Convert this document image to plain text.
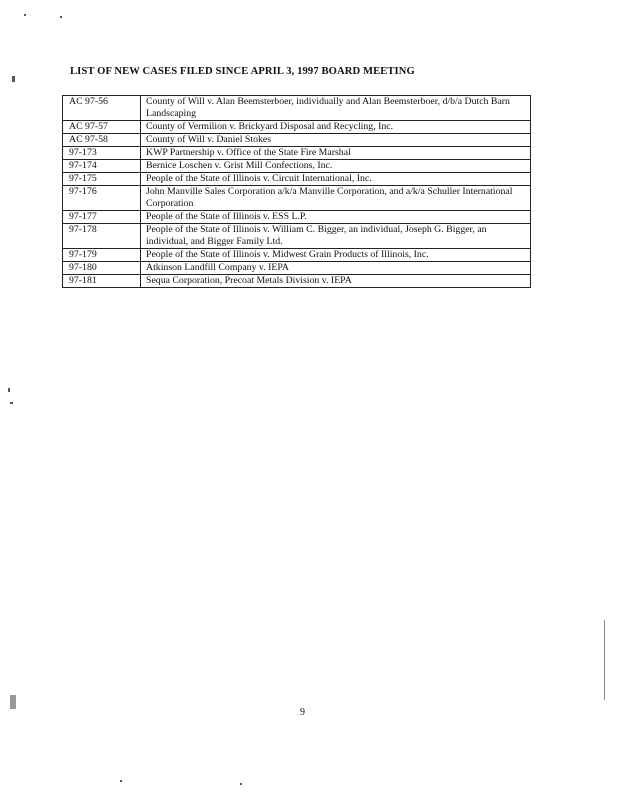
LIST OF NEW CASES FILED SINCE APRIL 3, 1997 BOARD MEETING
AC 97-56	County of Will v. Alan Beemsterboer, individually and Alan Beemsterboer, d/b/a Dutch Barn Landscaping
AC 97-57	County of Vermilion v. Brickyard Disposal and Recycling, Inc.
AC 97-58	County of Will v. Daniel Stokes
97-173	KWP Partnership v. Office of the State Fire Marshal
97-174	Bernice Loschen v. Grist Mill Confections, Inc.
97-175	People of the State of Illinois v. Circuit International, Inc.
97-176	John Manville Sales Corporation a/k/a Manville Corporation, and a/k/a Schuller International Corporation
97-177	People of the State of Illinois v. ESS L.P.
97-178	People of the State of Illinois v. William C. Bigger, an individual, Joseph G. Bigger, an individual, and Bigger Family Ltd.
97-179	People of the State of Illinois v. Midwest Grain Products of Illinois, Inc.
97-180	Atkinson Landfill Company v. IEPA
97-181	Sequa Corporation, Precoat Metals Division v. IEPA
9
